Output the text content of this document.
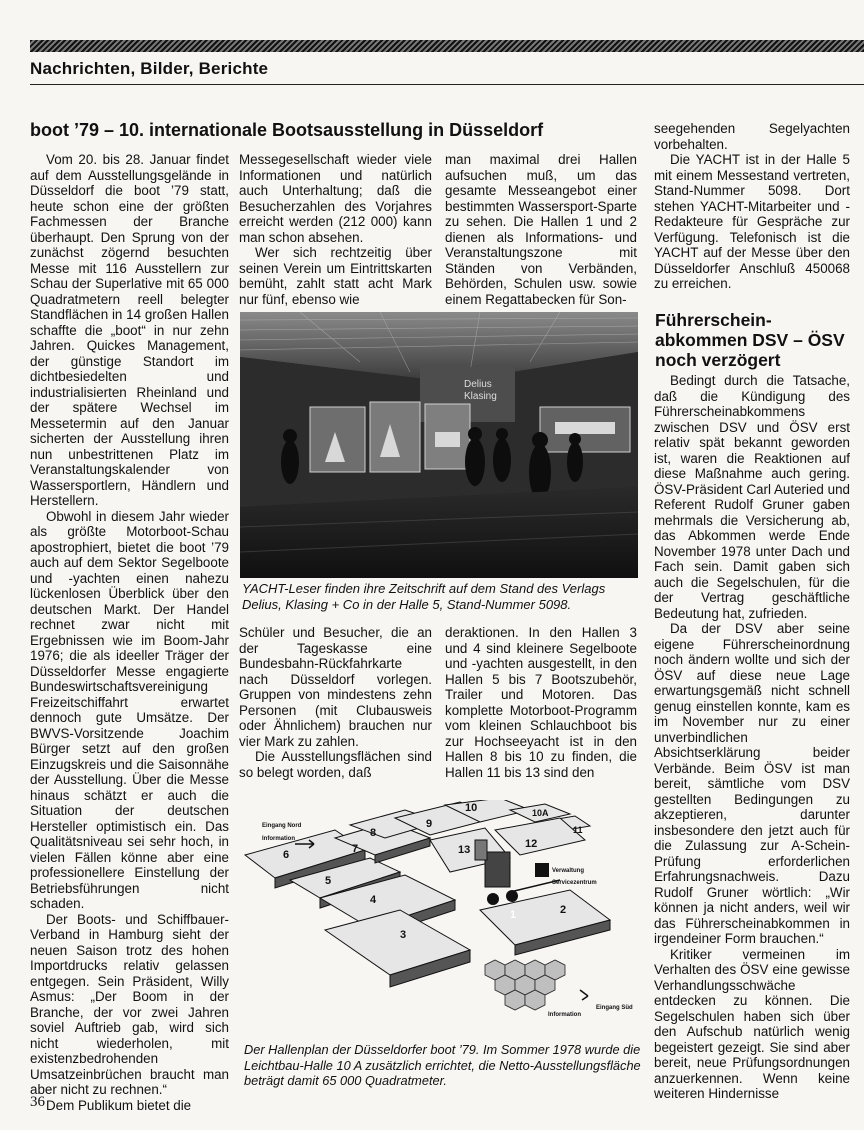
Nachrichten, Bilder, Berichte
boot ’79 – 10. internationale Bootsausstellung in Düsseldorf

Vom 20. bis 28. Januar findet auf dem Ausstellungsgelände in Düsseldorf die boot ’79 statt, heute schon eine der größten Fachmessen der Branche überhaupt. Den Sprung von der zunächst zögernd besuchten Messe mit 116 Ausstellern zur Schau der Superlative mit 65 000 Quadratmetern reell belegter Standflächen in 14 großen Hallen schaffte die „boot“ in nur zehn Jahren. Quickes Management, der günstige Standort im dichtbesiedelten und industrialisierten Rheinland und der spätere Wechsel im Messetermin auf den Januar sicherten der Ausstellung ihren nun unbestrittenen Platz im Veranstaltungskalender von Wassersportlern, Händlern und Herstellern.

Obwohl in diesem Jahr wieder als größte Motorboot-Schau apostrophiert, bietet die boot ’79 auch auf dem Sektor Segelboote und -yachten einen nahezu lückenlosen Überblick über den deutschen Markt. Der Handel rechnet zwar nicht mit Ergebnissen wie im Boom-Jahr 1976; die als ideeller Träger der Düsseldorfer Messe engagierte Bundeswirtschaftsvereinigung Freizeitschiffahrt erwartet dennoch gute Umsätze. Der BWVS-Vorsitzende Joachim Bürger setzt auf den großen Einzugskreis und die Saisonnähe der Ausstellung. Über die Messe hinaus schätzt er auch die Situation der deutschen Hersteller optimistisch ein. Das Qualitätsniveau sei sehr hoch, in vielen Fällen könne aber eine professionellere Einstellung der Betriebsführungen nicht schaden.

Der Boots- und Schiffbauer-Verband in Hamburg sieht der neuen Saison trotz des hohen Importdrucks relativ gelassen entgegen. Sein Präsident, Willy Asmus: „Der Boom in der Branche, der vor zwei Jahren soviel Auftrieb gab, wird sich nicht wiederholen, mit existenzbedrohenden Umsatzeinbrüchen braucht man aber nicht zu rechnen.“

Dem Publikum bietet die

Messegesellschaft wieder viele Informationen und natürlich auch Unterhaltung; daß die Besucherzahlen des Vorjahres erreicht werden (212 000) kann man schon absehen.

Wer sich rechtzeitig über seinen Verein um Eintrittskarten bemüht, zahlt statt acht Mark nur fünf, ebenso wie

man maximal drei Hallen aufsuchen muß, um das gesamte Messeangebot einer bestimmten Wassersport-Sparte zu sehen. Die Hallen 1 und 2 dienen als Informations- und Veranstaltungszone mit Ständen von Verbänden, Behörden, Schulen usw. sowie einem Regattabecken für Son-

Delius
Klasing

YACHT-Leser finden ihre Zeitschrift auf dem Stand des Verlags Delius, Klasing + Co in der Halle 5, Stand-Nummer 5098.

Schüler und Besucher, die an der Tageskasse eine Bundesbahn-Rückfahrkarte nach Düsseldorf vorlegen. Gruppen von mindestens zehn Personen (mit Clubausweis oder Ähnlichem) brauchen nur vier Mark zu zahlen.

Die Ausstellungsflächen sind so belegt worden, daß

deraktionen. In den Hallen 3 und 4 sind kleinere Segelboote und -yachten ausgestellt, in den Hallen 5 bis 7 Bootszubehör, Trailer und Motoren. Das komplette Motorboot-Programm vom kleinen Schlauchboot bis zur Hochseeyacht ist in den Hallen 8 bis 10 zu finden, die Hallen 11 bis 13 sind den

seegehenden Segelyachten vorbehalten.

Die YACHT ist in der Halle 5 mit einem Messestand vertreten, Stand-Nummer 5098. Dort stehen YACHT-Mitarbeiter und -Redakteure für Gespräche zur Verfügung. Telefonisch ist die YACHT auf der Messe über den Düsseldorfer Anschluß 450068 zu erreichen.

Führerschein-abkommen DSV – ÖSV noch verzögert

Bedingt durch die Tatsache, daß die Kündigung des Führerscheinabkommens zwischen DSV und ÖSV erst relativ spät bekannt geworden ist, waren die Reaktionen auf diese Maßnahme auch gering. ÖSV-Präsident Carl Auteried und Referent Rudolf Gruner gaben mehrmals die Versicherung ab, das Abkommen werde Ende November 1978 unter Dach und Fach sein. Damit gaben sich auch die Segelschulen, für die der Vertrag geschäftliche Bedeutung hat, zufrieden.

Da der DSV aber seine eigene Führerscheinordnung noch ändern wollte und sich der ÖSV auf diese neue Lage erwartungsgemäß nicht schnell genug einstellen konnte, kam es im November nur zu einer unverbindlichen Absichtserklärung beider Verbände. Beim ÖSV ist man bereit, sämtliche vom DSV gestellten Bedingungen zu akzeptieren, darunter insbesondere den jetzt auch für die Zulassung zur A-Schein-Prüfung erforderlichen Erfahrungsnachweis. Dazu Rudolf Gruner wörtlich: „Wir können ja nicht anders, weil wir das Führerscheinabkommen in irgendeiner Form brauchen.“

Kritiker vermeinen im Verhalten des ÖSV eine gewisse Verhandlungsschwäche entdecken zu können. Die Segelschulen haben sich über den Aufschub natürlich wenig begeistert gezeigt. Sie sind aber bereit, neue Prüfungsordnungen anzuerkennen. Wenn keine weiteren Hindernisse

1	2
3
4
5
6	7
8
9
10	10A
11
12
13
Eingang Nord
Information
Verwaltung
Servicezentrum
Information
Eingang Süd

Der Hallenplan der Düsseldorfer boot ’79. Im Sommer 1978 wurde die Leichtbau-Halle 10 A zusätzlich errichtet, die Netto-Ausstellungsfläche beträgt damit 65 000 Quadratmeter.

36
